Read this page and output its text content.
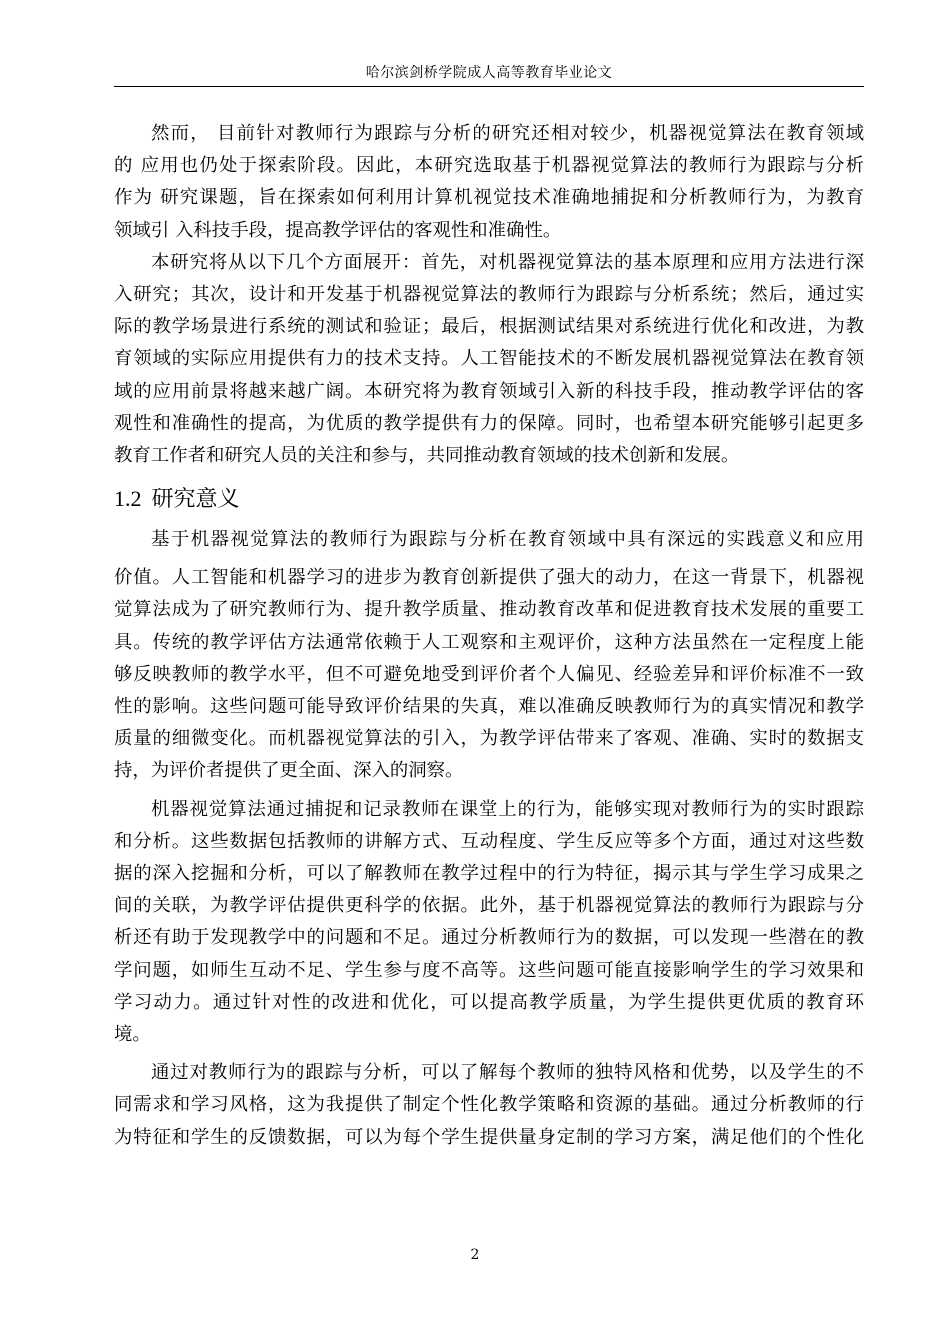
哈尔滨剑桥学院成人高等教育毕业论文
然而， 目前针对教师行为跟踪与分析的研究还相对较少，机器视觉算法在教育领域
的 应用也仍处于探索阶段。因此，本研究选取基于机器视觉算法的教师行为跟踪与分析
作为 研究课题，旨在探索如何利用计算机视觉技术准确地捕捉和分析教师行为，为教育
领域引 入科技手段，提高教学评估的客观性和准确性。
本研究将从以下几个方面展开：首先，对机器视觉算法的基本原理和应用方法进行深
入研究；其次，设计和开发基于机器视觉算法的教师行为跟踪与分析系统；然后，通过实
际的教学场景进行系统的测试和验证；最后，根据测试结果对系统进行优化和改进，为教
育领域的实际应用提供有力的技术支持。人工智能技术的不断发展机器视觉算法在教育领
域的应用前景将越来越广阔。本研究将为教育领域引入新的科技手段，推动教学评估的客
观性和准确性的提高，为优质的教学提供有力的保障。同时，也希望本研究能够引起更多
教育工作者和研究人员的关注和参与，共同推动教育领域的技术创新和发展。
1.2 研究意义
基于机器视觉算法的教师行为跟踪与分析在教育领域中具有深远的实践意义和应用
价值。人工智能和机器学习的进步为教育创新提供了强大的动力，在这一背景下，机器视
觉算法成为了研究教师行为、提升教学质量、推动教育改革和促进教育技术发展的重要工
具。传统的教学评估方法通常依赖于人工观察和主观评价，这种方法虽然在一定程度上能
够反映教师的教学水平，但不可避免地受到评价者个人偏见、经验差异和评价标准不一致
性的影响。这些问题可能导致评价结果的失真，难以准确反映教师行为的真实情况和教学
质量的细微变化。而机器视觉算法的引入，为教学评估带来了客观、准确、实时的数据支
持，为评价者提供了更全面、深入的洞察。
机器视觉算法通过捕捉和记录教师在课堂上的行为，能够实现对教师行为的实时跟踪
和分析。这些数据包括教师的讲解方式、互动程度、学生反应等多个方面，通过对这些数
据的深入挖掘和分析，可以了解教师在教学过程中的行为特征，揭示其与学生学习成果之
间的关联，为教学评估提供更科学的依据。此外，基于机器视觉算法的教师行为跟踪与分
析还有助于发现教学中的问题和不足。通过分析教师行为的数据，可以发现一些潜在的教
学问题，如师生互动不足、学生参与度不高等。这些问题可能直接影响学生的学习效果和
学习动力。通过针对性的改进和优化，可以提高教学质量，为学生提供更优质的教育环
境。
通过对教师行为的跟踪与分析，可以了解每个教师的独特风格和优势，以及学生的不
同需求和学习风格，这为我提供了制定个性化教学策略和资源的基础。通过分析教师的行
为特征和学生的反馈数据，可以为每个学生提供量身定制的学习方案，满足他们的个性化
2
